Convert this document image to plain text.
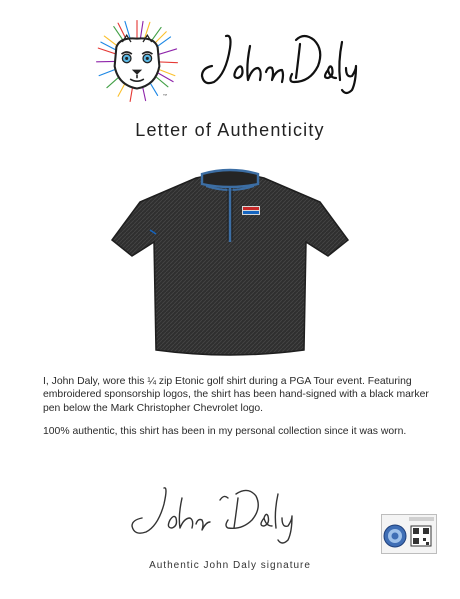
™
Letter of Authenticity

I, John Daly, wore this ¼ zip Etonic golf shirt during a PGA Tour event. Featuring embroidered sponsorship logos, the shirt has been hand-signed with a black marker pen below the Mark Christopher Chevrolet logo.

100% authentic, this shirt has been in my personal collection since it was worn.

Authentic John Daly signature
